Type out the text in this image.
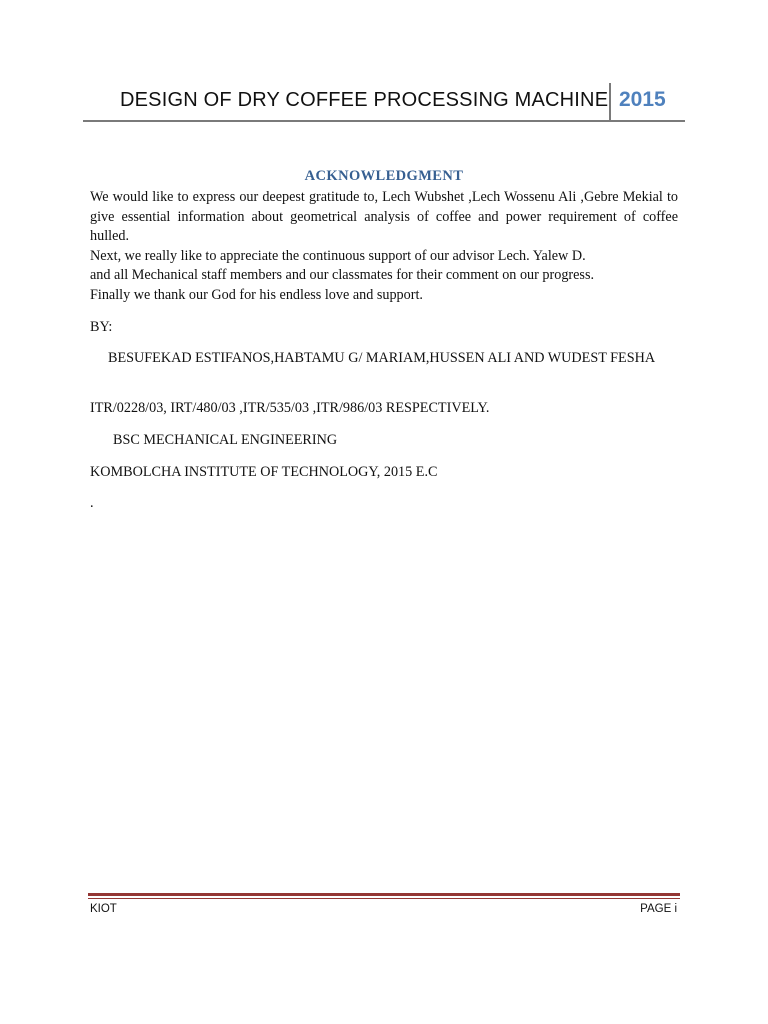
DESIGN OF DRY COFFEE PROCESSING MACHINE 2015
ACKNOWLEDGMENT
We would like to express our deepest gratitude to, Lech Wubshet ,Lech Wossenu Ali ,Gebre Mekial to give essential information about geometrical analysis of coffee and power requirement of coffee hulled.
Next, we really like to appreciate the continuous support of our advisor Lech. Yalew D.
and all Mechanical staff members and our classmates for their comment on our progress.
Finally we thank our God for his endless love and support.
BY:
BESUFEKAD ESTIFANOS,HABTAMU G/ MARIAM,HUSSEN ALI AND WUDEST FESHA
ITR/0228/03, IRT/480/03 ,ITR/535/03 ,ITR/986/03 RESPECTIVELY.
BSC MECHANICAL ENGINEERING
KOMBOLCHA INSTITUTE OF TECHNOLOGY, 2015 E.C
.
KIOT	PAGE i
